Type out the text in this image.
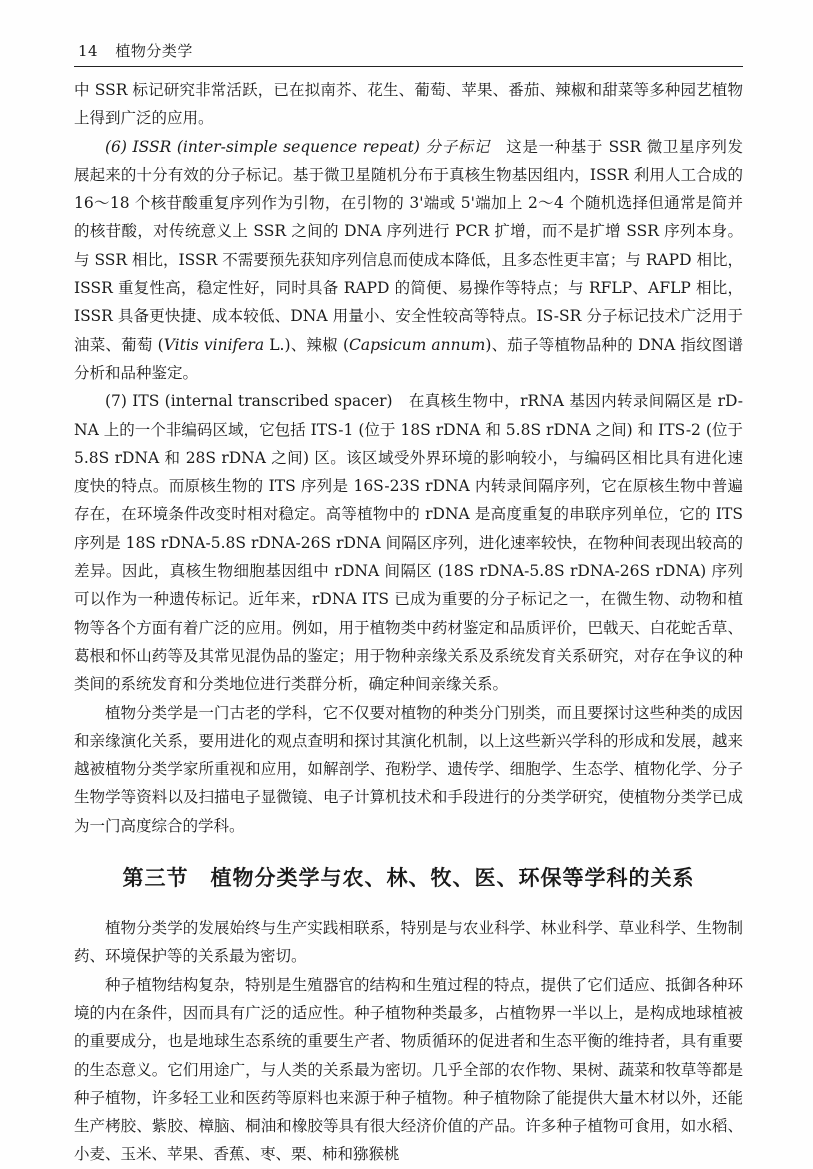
14 植物分类学

中 SSR 标记研究非常活跃，已在拟南芥、花生、葡萄、苹果、番茄、辣椒和甜菜等多种园艺植物上得到广泛的应用。

(6) ISSR (inter-simple sequence repeat) 分子标记　这是一种基于 SSR 微卫星序列发展起来的十分有效的分子标记。基于微卫星随机分布于真核生物基因组内，ISSR 利用人工合成的 16～18 个核苷酸重复序列作为引物，在引物的 3'端或 5'端加上 2～4 个随机选择但通常是简并的核苷酸，对传统意义上 SSR 之间的 DNA 序列进行 PCR 扩增，而不是扩增 SSR 序列本身。与 SSR 相比，ISSR 不需要预先获知序列信息而使成本降低，且多态性更丰富；与 RAPD 相比，ISSR 重复性高，稳定性好，同时具备 RAPD 的简便、易操作等特点；与 RFLP、AFLP 相比，ISSR 具备更快捷、成本较低、DNA 用量小、安全性较高等特点。IS-SR 分子标记技术广泛用于油菜、葡萄 (Vitis vinifera L.)、辣椒 (Capsicum annum)、茄子等植物品种的 DNA 指纹图谱分析和品种鉴定。

(7) ITS (internal transcribed spacer)　在真核生物中，rRNA 基因内转录间隔区是 rD-NA 上的一个非编码区域，它包括 ITS-1 (位于 18S rDNA 和 5.8S rDNA 之间) 和 ITS-2 (位于 5.8S rDNA 和 28S rDNA 之间) 区。该区域受外界环境的影响较小，与编码区相比具有进化速度快的特点。而原核生物的 ITS 序列是 16S-23S rDNA 内转录间隔序列，它在原核生物中普遍存在，在环境条件改变时相对稳定。高等植物中的 rDNA 是高度重复的串联序列单位，它的 ITS 序列是 18S rDNA-5.8S rDNA-26S rDNA 间隔区序列，进化速率较快，在物种间表现出较高的差异。因此，真核生物细胞基因组中 rDNA 间隔区 (18S rDNA-5.8S rDNA-26S rDNA) 序列可以作为一种遗传标记。近年来，rDNA ITS 已成为重要的分子标记之一，在微生物、动物和植物等各个方面有着广泛的应用。例如，用于植物类中药材鉴定和品质评价，巴戟天、白花蛇舌草、葛根和怀山药等及其常见混伪品的鉴定；用于物种亲缘关系及系统发育关系研究，对存在争议的种类间的系统发育和分类地位进行类群分析，确定种间亲缘关系。

植物分类学是一门古老的学科，它不仅要对植物的种类分门别类，而且要探讨这些种类的成因和亲缘演化关系，要用进化的观点查明和探讨其演化机制，以上这些新兴学科的形成和发展，越来越被植物分类学家所重视和应用，如解剖学、孢粉学、遗传学、细胞学、生态学、植物化学、分子生物学等资料以及扫描电子显微镜、电子计算机技术和手段进行的分类学研究，使植物分类学已成为一门高度综合的学科。

第三节　植物分类学与农、林、牧、医、环保等学科的关系

植物分类学的发展始终与生产实践相联系，特别是与农业科学、林业科学、草业科学、生物制药、环境保护等的关系最为密切。

种子植物结构复杂，特别是生殖器官的结构和生殖过程的特点，提供了它们适应、抵御各种环境的内在条件，因而具有广泛的适应性。种子植物种类最多，占植物界一半以上，是构成地球植被的重要成分，也是地球生态系统的重要生产者、物质循环的促进者和生态平衡的维持者，具有重要的生态意义。它们用途广，与人类的关系最为密切。几乎全部的农作物、果树、蔬菜和牧草等都是种子植物，许多轻工业和医药等原料也来源于种子植物。种子植物除了能提供大量木材以外，还能生产栲胶、紫胶、樟脑、桐油和橡胶等具有很大经济价值的产品。许多种子植物可食用，如水稻、小麦、玉米、苹果、香蕉、枣、栗、柿和猕猴桃
